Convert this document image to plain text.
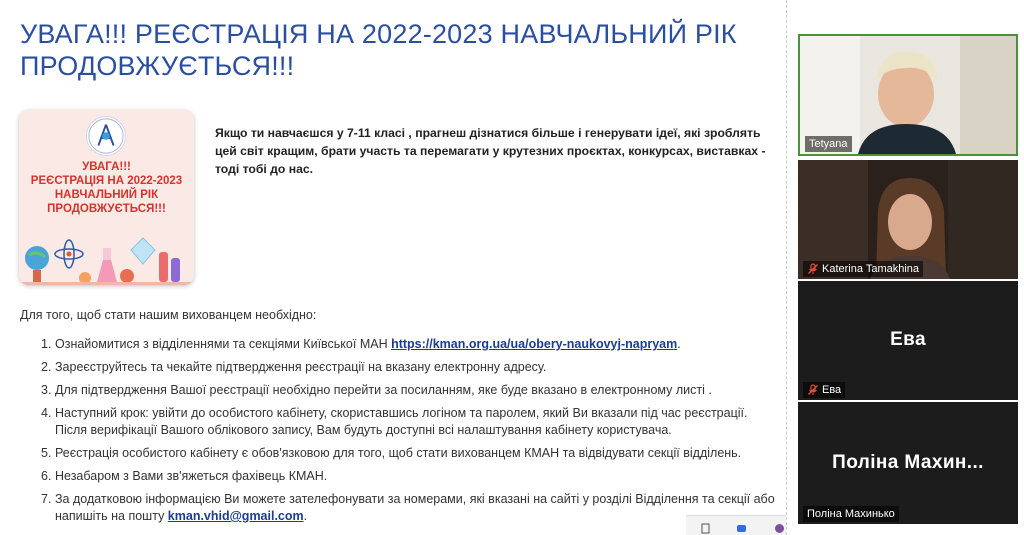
УВАГА!!! РЕЄСТРАЦІЯ НА 2022-2023 НАВЧАЛЬНИЙ РІК ПРОДОВЖУЄТЬСЯ!!!
УВАГА!!!
РЕЄСТРАЦІЯ НА 2022-2023
НАВЧАЛЬНИЙ РІК
ПРОДОВЖУЄТЬСЯ!!!

Якщо ти навчаєшся у 7-11 класі , прагнеш дізнатися більше і генерувати ідеї, які зроблять цей світ кращим, брати участь та перемагати у крутезних проєктах, конкурсах, виставках - тоді тобі до нас.

Для того, щоб стати нашим вихованцем необхідно:

1. Ознайомитися з відділеннями та секціями Київської МАН https://kman.org.ua/ua/obery-naukovyj-napryam.
2. Зареєструйтесь та чекайте підтвердження реєстрації на вказану електронну адресу.
3. Для підтвердження Вашої реєстрації необхідно перейти за посиланням, яке буде вказано в електронному листі .
4. Наступний крок: увійти до особистого кабінету, скориставшись логіном та паролем, який Ви вказали під час реєстрації. Після верифікації Вашого облікового запису, Вам будуть доступні всі налаштування кабінету користувача.
5. Реєстрація особистого кабінету є обов'язковою для того, щоб стати вихованцем КМАН та відвідувати секції відділень.
6. Незабаром з Вами зв'яжеться фахівець КМАН.
7. За додатковою інформацією Ви можете зателефонувати за номерами, які вказані на сайті у розділі Відділення та секції або напишіть на пошту kman.vhid@gmail.com.
Tetyana
Katerina Tamakhina
Ева
Ева
Поліна Махин...
Поліна Махинько
